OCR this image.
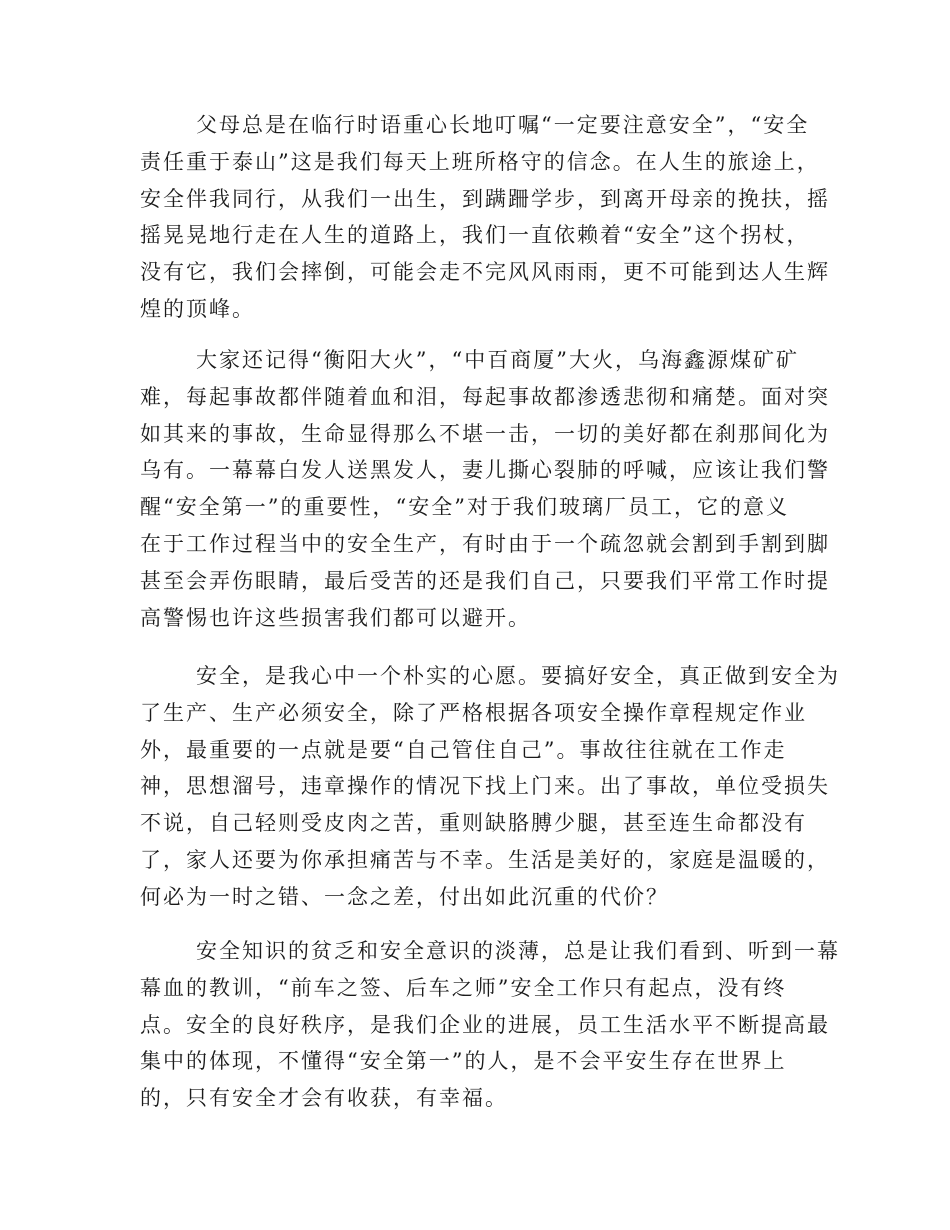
父母总是在临行时语重心长地叮嘱“一定要注意安全”，“安全
责任重于泰山”这是我们每天上班所格守的信念。在人生的旅途上，
安全伴我同行，从我们一出生，到蹒跚学步，到离开母亲的挽扶，摇
摇晃晃地行走在人生的道路上，我们一直依赖着“安全”这个拐杖，
没有它，我们会摔倒，可能会走不完风风雨雨，更不可能到达人生辉
煌的顶峰。

大家还记得“衡阳大火”，“中百商厦”大火，乌海鑫源煤矿矿
难，每起事故都伴随着血和泪，每起事故都渗透悲彻和痛楚。面对突
如其来的事故，生命显得那么不堪一击，一切的美好都在刹那间化为
乌有。一幕幕白发人送黑发人，妻儿撕心裂肺的呼喊，应该让我们警
醒“安全第一”的重要性，“安全”对于我们玻璃厂员工，它的意义
在于工作过程当中的安全生产，有时由于一个疏忽就会割到手割到脚
甚至会弄伤眼睛，最后受苦的还是我们自己，只要我们平常工作时提
高警惕也许这些损害我们都可以避开。

安全，是我心中一个朴实的心愿。要搞好安全，真正做到安全为
了生产、生产必须安全，除了严格根据各项安全操作章程规定作业
外，最重要的一点就是要“自己管住自己”。事故往往就在工作走
神，思想溜号，违章操作的情况下找上门来。出了事故，单位受损失
不说，自己轻则受皮肉之苦，重则缺胳膊少腿，甚至连生命都没有
了，家人还要为你承担痛苦与不幸。生活是美好的，家庭是温暖的，
何必为一时之错、一念之差，付出如此沉重的代价？

安全知识的贫乏和安全意识的淡薄，总是让我们看到、听到一幕
幕血的教训，“前车之签、后车之师”安全工作只有起点，没有终
点。安全的良好秩序，是我们企业的进展，员工生活水平不断提高最
集中的体现，不懂得“安全第一”的人，是不会平安生存在世界上
的，只有安全才会有收获，有幸福。
